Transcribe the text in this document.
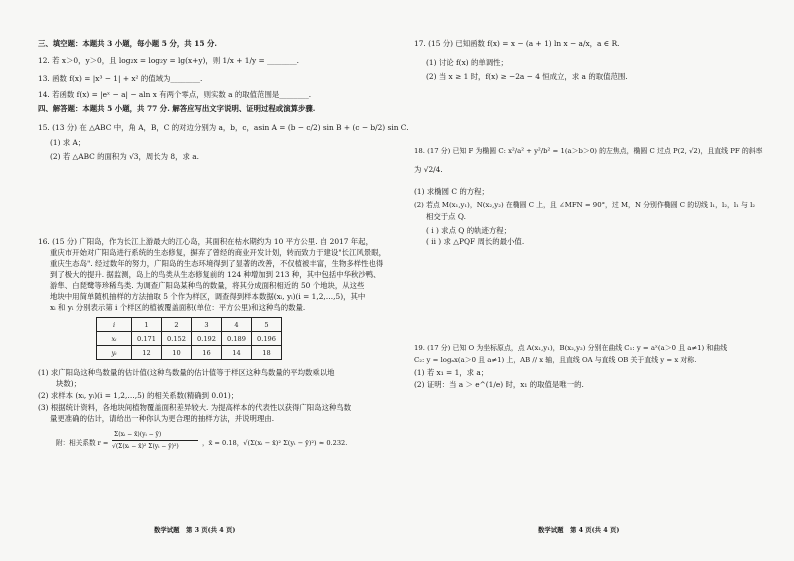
三、填空题：本题共 3 小题，每小题 5 分，共 15 分.
12. 若 x＞0，y＞0，且 log₂x = log₂y = lg(x+y)，则 1/x + 1/y = ________.
13. 函数 f(x) = |x³ − 1| + x² 的值域为________.
14. 若函数 f(x) = |eˣ − a| − aln x 有两个零点，则实数 a 的取值范围是________.
四、解答题：本题共 5 小题，共 77 分. 解答应写出文字说明、证明过程或演算步骤.
15. (13 分) 在 △ABC 中，角 A，B，C 的对边分别为 a，b，c，asin A = (b − c/2) sin B + (c − b/2) sin C.
(1) 求 A；
(2) 若 △ABC 的面积为 √3，周长为 8，求 a.
16. (15 分) 广阳岛，作为长江上游最大的江心岛，其面积在枯水期约为 10 平方公里. 自 2017 年起，
重庆市开始对广阳岛进行系统的生态修复，摒弃了曾经的商业开发计划，转而致力于建设"长江风景眼，
重庆生态岛". 经过数年的努力，广阳岛的生态环境得到了显著的改善，不仅植被丰富，生物多样性也得
到了极大的提升. 据监测，岛上的鸟类从生态修复前的 124 种增加到 213 种，其中包括中华秋沙鸭、
游隼、白琵鹭等珍稀鸟类. 为调查广阳岛某种鸟的数量，将其分成面积相近的 50 个地块，从这些
地块中用简单随机抽样的方法抽取 5 个作为样区，调查得到样本数据(xᵢ, yᵢ)(i = 1,2,…,5)，其中
xᵢ 和 yᵢ 分别表示第 i 个样区的植被覆盖面积(单位：平方公里)和这种鸟的数量.
i	1	2	3	4	5
xᵢ	0.171	0.152	0.192	0.189	0.196
yᵢ	12	10	16	14	18
(1) 求广阳岛这种鸟数量的估计值(这种鸟数量的估计值等于样区这种鸟数量的平均数乘以地
块数)；
(2) 求样本 (xᵢ, yᵢ)(i = 1,2,…,5) 的相关系数(精确到 0.01)；
(3) 根据统计资料，各地块间植物覆盖面积差异较大. 为提高样本的代表性以获得广阳岛这种鸟数
量更准确的估计，请给出一种你认为更合理的抽样方法，并说明理由.
附：相关系数 r =
Σ(xᵢ − x̄)(yᵢ − ȳ)
√(Σ(xᵢ − x̄)² Σ(yᵢ − ȳ)²)	，x̄ = 0.18，√(Σ(xᵢ − x̄)² Σ(yᵢ − ȳ)²) ≈ 0.232.
数学试题　第 3 页(共 4 页)
17. (15 分) 已知函数 f(x) = x − (a + 1) ln x − a/x，a ∈ R.
(1) 讨论 f(x) 的单调性；
(2) 当 x ≥ 1 时，f(x) ≥ −2a − 4 恒成立，求 a 的取值范围.
18. (17 分) 已知 F 为椭圆 C: x²/a² + y²/b² = 1(a＞b＞0) 的左焦点，椭圆 C 过点 P(2, √2)，且直线 PF 的斜率
为 √2/4.
(1) 求椭圆 C 的方程；
(2) 若点 M(x₁,y₁)，N(x₂,y₂) 在椭圆 C 上，且 ∠MFN = 90°，过 M，N 分别作椭圆 C 的切线 l₁，l₂，l₁ 与 l₂
相交于点 Q.
( i ) 求点 Q 的轨迹方程；
( ii ) 求 △PQF 周长的最小值.
19. (17 分) 已知 O 为坐标原点，点 A(x₁,y₁)，B(x₂,y₂) 分别在曲线 C₁: y = aˣ(a＞0 且 a≠1) 和曲线
C₂: y = logₐx(a＞0 且 a≠1) 上，AB // x 轴，且直线 OA 与直线 OB 关于直线 y = x 对称.
(1) 若 x₁ = 1，求 a；
(2) 证明：当 a ＞ e^(1/e) 时，x₁ 的取值是唯一的.
数学试题　第 4 页(共 4 页)
